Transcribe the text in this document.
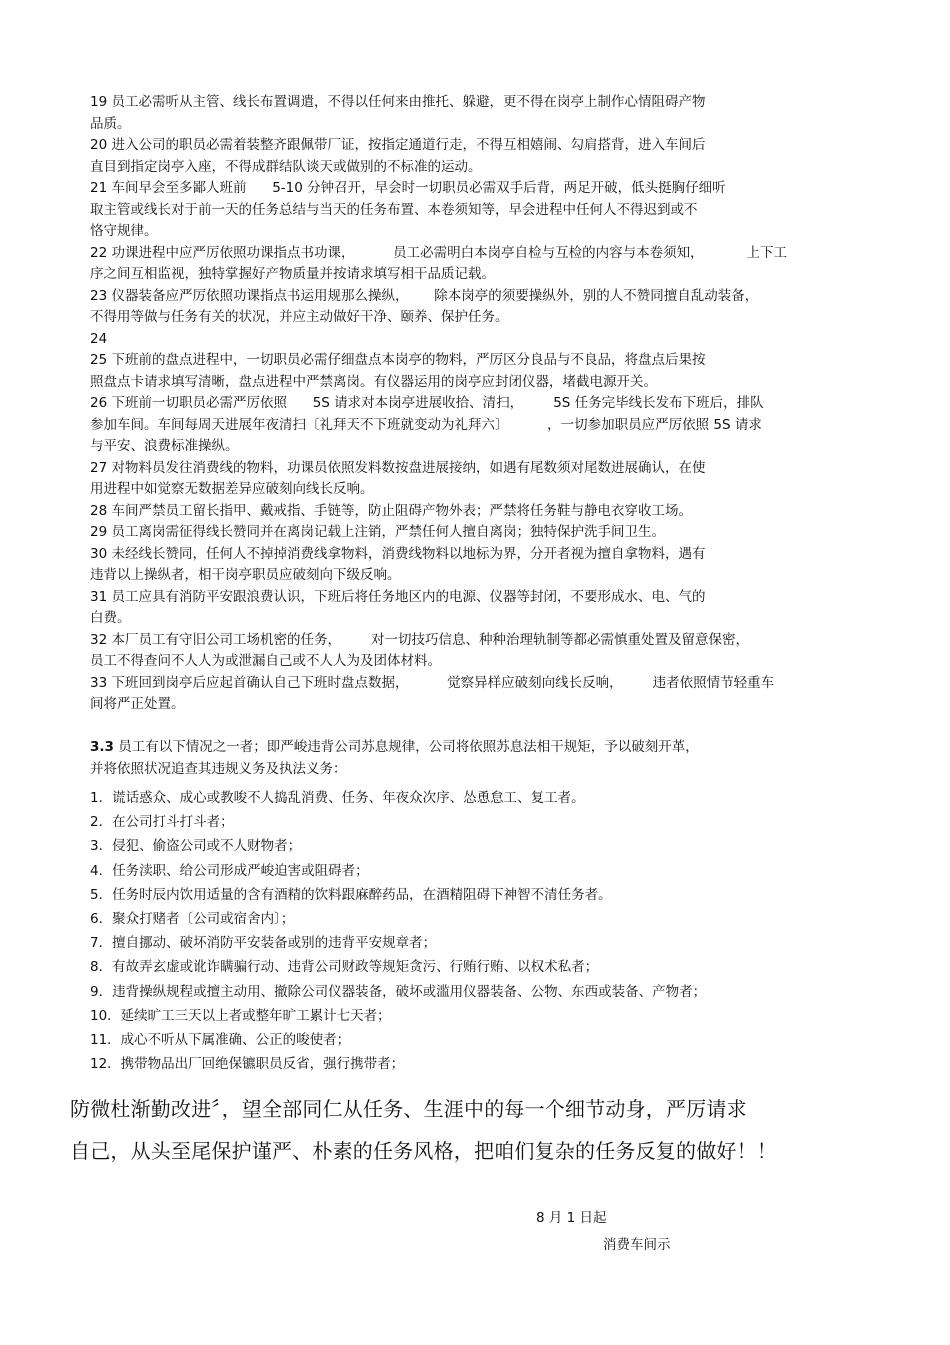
19 员工必需听从主管、线长布置调遣，不得以任何来由推托、躲避，更不得在岗亭上制作心情阻碍产物
品质。

20 进入公司的职员必需着装整齐跟佩带厂证，按指定通道行走，不得互相嬉闹、勾肩搭背，进入车间后
直目到指定岗亭入座，不得成群结队谈天或做别的不标准的运动。

21 车间早会至多鄙人班前      5-10 分钟召开，早会时一切职员必需双手后背，两足开破，低头挺胸仔细听
取主管或线长对于前一天的任务总结与当天的任务布置、本卷须知等，早会进程中任何人不得迟到或不
恪守规律。

22 功课进程中应严厉依照功课指点书功课，         员工必需明白本岗亭自检与互检的内容与本卷须知，          上下工
序之间互相监视，独特掌握好产物质量并按请求填写相干品质记载。

23 仪器装备应严厉依照功课指点书运用规那么操纵，      除本岗亭的须要操纵外，别的人不赞同擅自乱动装备，
不得用等做与任务有关的状况，并应主动做好干净、颐养、保护任务。

24

25 下班前的盘点进程中，一切职员必需仔细盘点本岗亭的物料，严厉区分良品与不良品，将盘点后果按
照盘点卡请求填写清晰，盘点进程中严禁离岗。有仪器运用的岗亭应封闭仪器，堵截电源开关。

26 下班前一切职员必需严厉依照      5S 请求对本岗亭进展收拾、清扫，       5S 任务完毕线长发布下班后，排队
参加车间。车间每周天进展年夜清扫〔礼拜天不下班就变动为礼拜六〕         ，一切参加职员应严厉依照 5S 请求
与平安、浪费标准操纵。

27 对物料员发往消费线的物料，功课员依照发料数按盘进展接纳，如遇有尾数须对尾数进展确认，在使
用进程中如觉察无数据差异应破刻向线长反响。

28 车间严禁员工留长指甲、戴戒指、手链等，防止阻碍产物外表；严禁将任务鞋与静电衣穿收工场。

29 员工离岗需征得线长赞同并在离岗记载上注销，严禁任何人擅自离岗；独特保护洗手间卫生。

30 未经线长赞同，任何人不掉掉消费线拿物料，消费线物料以地标为界，分开者视为擅自拿物料，遇有
违背以上操纵者，相干岗亭职员应破刻向下级反响。

31 员工应具有消防平安跟浪费认识，下班后将任务地区内的电源、仪器等封闭，不要形成水、电、气的
白费。

32 本厂员工有守旧公司工场机密的任务，       对一切技巧信息、种种治理轨制等都必需慎重处置及留意保密，
员工不得查问不人人为或泄漏自己或不人人为及团体材料。

33 下班回到岗亭后应起首确认自己下班时盘点数据，         觉察异样应破刻向线长反响，       违者依照情节轻重车
间将严正处置。

3.3 员工有以下情况之一者；即严峻违背公司苏息规律，公司将依照苏息法相干规矩，予以破刻开革，
并将依照状况追查其违规义务及执法义务：

1．谎话惑众、成心或教唆不人捣乱消费、任务、年夜众次序、怂恿怠工、复工者。
2．在公司打斗打斗者；
3．侵犯、偷盗公司或不人财物者；
4．任务渎职、给公司形成严峻迫害或阻碍者；
5．任务时辰内饮用适量的含有酒精的饮料跟麻醉药品，在酒精阻碍下神智不清任务者。
6．聚众打赌者〔公司或宿舍内〕；
7．擅自挪动、破坏消防平安装备或别的违背平安规章者；
8．有故弄玄虚或讹诈瞒骗行动、违背公司财政等规矩贪污、行贿行贿、以权术私者；
9．违背操纵规程或擅主动用、撤除公司仪器装备，破坏或滥用仪器装备、公物、东西或装备、产物者；
10．延续旷工三天以上者或整年旷工累计七天者；
11．成心不听从下属准确、公正的唆使者；
12．携带物品出厂回绝保镳职员反省，强行携带者；
防微杜渐勤改进〞，望全部同仁从任务、生涯中的每一个细节动身，严厉请求
自己，从头至尾保护谨严、朴素的任务风格，把咱们复杂的任务反复的做好！！
8 月 1 日起
消费车间示
